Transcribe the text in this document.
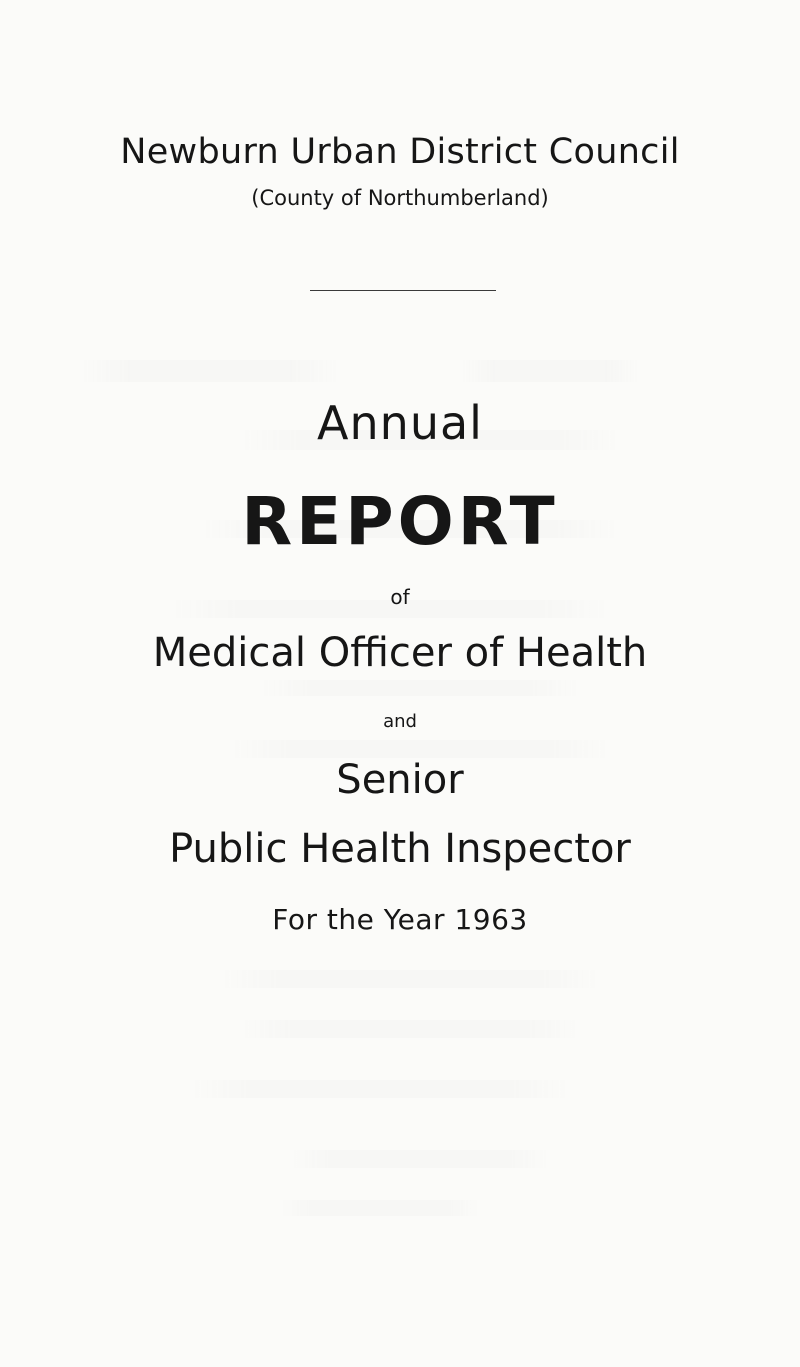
Newburn Urban District Council
(County of Northumberland)
Annual
REPORT
of
Medical Officer of Health
and
Senior
Public Health Inspector
For the Year 1963
